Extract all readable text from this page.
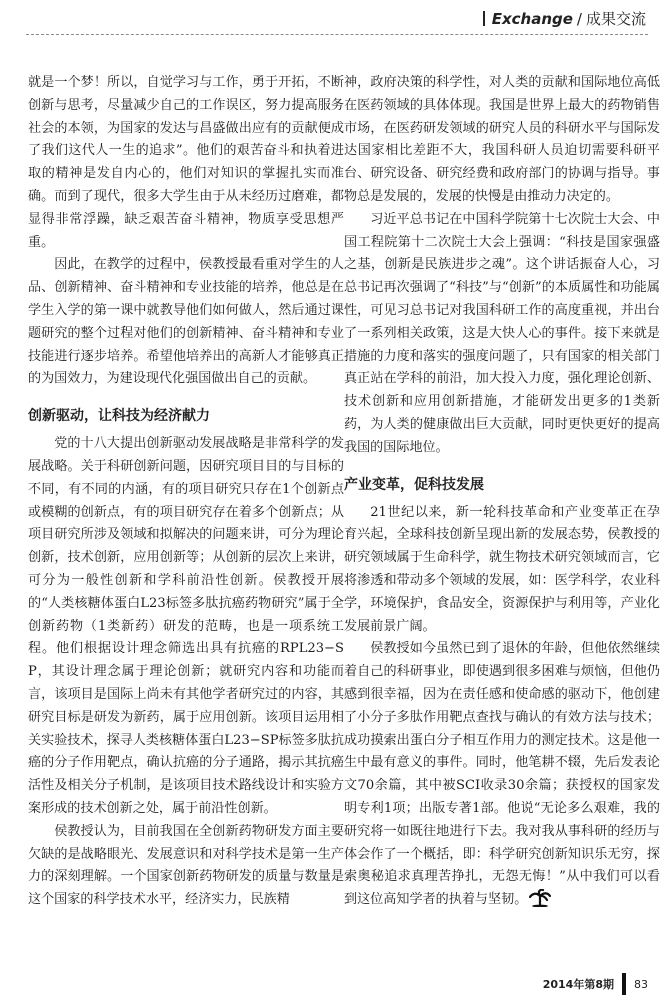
Exchange / 成果交流

就是一个梦！所以，自觉学习与工作，勇于开拓，不断创新与思考，尽量减少自己的工作误区，努力提高服务社会的本领，为国家的发达与昌盛做出应有的贡献便成了我们这代人一生的追求”。他们的艰苦奋斗和执着进取的精神是发自内心的，他们对知识的掌握扎实而准确。而到了现代，很多大学生由于从未经历过磨难，都显得非常浮躁，缺乏艰苦奋斗精神，物质享受思想严重。

因此，在教学的过程中，侯教授最看重对学生的人品、创新精神、奋斗精神和专业技能的培养，他总是在学生入学的第一课中就教导他们如何做人，然后通过课题研究的整个过程对他们的创新精神、奋斗精神和专业技能进行逐步培养。希望他培养出的高新人才能够真正的为国效力，为建设现代化强国做出自己的贡献。

创新驱动，让科技为经济献力

党的十八大提出创新驱动发展战略是非常科学的发展战略。关于科研创新问题，因研究项目目的与目标的不同，有不同的内涵，有的项目研究只存在1个创新点或模糊的创新点，有的项目研究存在着多个创新点；从项目研究所涉及领域和拟解决的问题来讲，可分为理论创新，技术创新，应用创新等；从创新的层次上来讲，可分为一般性创新和学科前沿性创新。侯教授开展的“人类核糖体蛋白L23标签多肽抗癌药物研究”属于全创新药物（1类新药）研发的范畴，也是一项系统工程。他们根据设计理念筛选出具有抗癌的RPL23−SP，其设计理念属于理论创新；就研究内容和功能而言，该项目是国际上尚未有其他学者研究过的内容，其研究目标是研发为新药，属于应用创新。该项目运用相关实验技术，探寻人类核糖体蛋白L23−SP标签多肽抗癌的分子作用靶点，确认抗癌的分子通路，揭示其抗癌活性及相关分子机制，是该项目技术路线设计和实验方案形成的技术创新之处，属于前沿性创新。

侯教授认为，目前我国在全创新药物研发方面主要欠缺的是战略眼光、发展意识和对科学技术是第一生产力的深刻理解。一个国家创新药物研发的质量与数量是这个国家的科学技术水平，经济实力，民族精

神，政府决策的科学性，对人类的贡献和国际地位高低在医药领域的具体体现。我国是世界上最大的药物销售市场，在医药研发领域的研究人员的科研水平与国际发达国家相比差距不大，我国科研人员迫切需要科研平台、研究设备、研究经费和政府部门的协调与指导。事物总是发展的，发展的快慢是由推动力决定的。

习近平总书记在中国科学院第十七次院士大会、中国工程院第十二次院士大会上强调：“科技是国家强盛之基，创新是民族进步之魂”。这个讲话振奋人心，习总书记再次强调了“科技”与“创新”的本质属性和功能属性，可见习总书记对我国科研工作的高度重视，并出台了一系列相关政策，这是大快人心的事件。接下来就是措施的力度和落实的强度问题了，只有国家的相关部门真正站在学科的前沿，加大投入力度，强化理论创新、技术创新和应用创新措施，才能研发出更多的1类新药，为人类的健康做出巨大贡献，同时更快更好的提高我国的国际地位。

产业变革，促科技发展

21世纪以来，新一轮科技革命和产业变革正在孕育兴起，全球科技创新呈现出新的发展态势，侯教授的研究领域属于生命科学，就生物技术研究领域而言，它将渗透和带动多个领域的发展，如：医学科学，农业科学，环境保护，食品安全，资源保护与利用等，产业化发展前景广阔。

侯教授如今虽然已到了退休的年龄，但他依然继续着自己的科研事业，即使遇到很多困难与烦恼，但他仍感到很幸福，因为在责任感和使命感的驱动下，他创建了小分子多肽作用靶点查找与确认的有效方法与技术；成功摸索出蛋白分子相互作用力的测定技术。这是他一生中最有意义的事件。同时，他笔耕不辍，先后发表论文70余篇，其中被SCI收录30余篇；获授权的国家发明专利1项；出版专著1部。他说“无论多么艰难，我的研究将一如既往地进行下去。我对我从事科研的经历与体会作了一个概括，即：科学研究创新知识乐无穷，探索奥秘追求真理苦挣扎，无怨无悔！”从中我们可以看到这位高知学者的执着与坚韧。

2014年第8期 83
